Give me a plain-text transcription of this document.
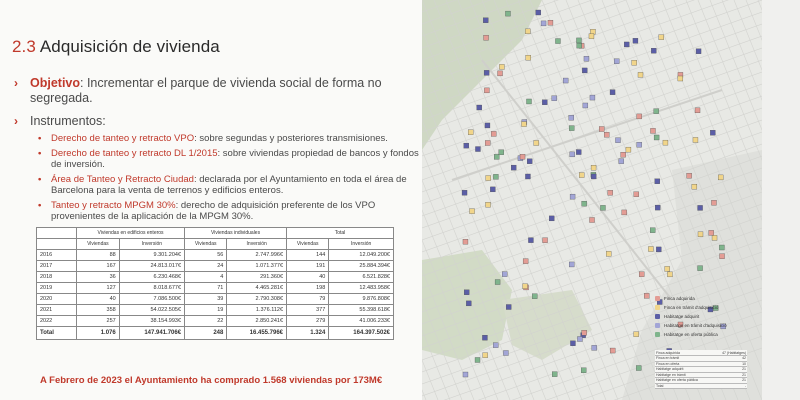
2.3 Adquisición de vivienda
› Objetivo: Incrementar el parque de vivienda social de forma no segregada.
› Instrumentos:
•	Derecho de tanteo y retracto VPO: sobre segundas y posteriores transmisiones.
•	Derecho de tanteo y retracto DL 1/2015: sobre viviendas propiedad de bancos y fondos de inversión.
•	Área de Tanteo y Retracto Ciudad: declarada por el Ayuntamiento en toda el área de Barcelona para la venta de terrenos y edificios enteros.
•	Tanteo y retracto MPGM 30%: derecho de adquisición preferente de los VPO provenientes de la aplicación de la MPGM 30%.
	Viviendas en edificios enteros		Viviendas individuales		Total	
	Viviendas	Inversión	Viviendas	Inversión	Viviendas	Inversión
2016	88	9.301.204€	56	2.747.996€	144	12.049.200€
2017	167	24.813.017€	24	1.071.377€	191	25.884.394€
2018	36	6.230.468€	4	291.360€	40	6.521.828€
2019	127	8.018.677€	71	4.465.281€	198	12.483.958€
2020	40	7.086.500€	39	2.790.308€	79	9.876.808€
2021	358	54.022.505€	19	1.376.112€	377	55.398.618€
2022	257	38.154.993€	22	2.850.241€	279	41.006.233€
Total	1.076	147.941.706€	248	16.455.796€	1.324	164.397.502€
A Febrero de 2023 el Ayuntamiento ha comprado 1.568 viviendas por 173M€
Finca adquirida
Finca en tràmit d'adquisició
Habitatge adquirit
Habitatge en tràmit d'adquisició
Habitatge en oferta pública
Finca adquirida	47 (Habitatges)
Finca en tràmit	42
Finca en oferta	10
Habitatge adquirit	21
Habitatge en tràmit	21
Habitatge en oferta pública	21
Total	-
